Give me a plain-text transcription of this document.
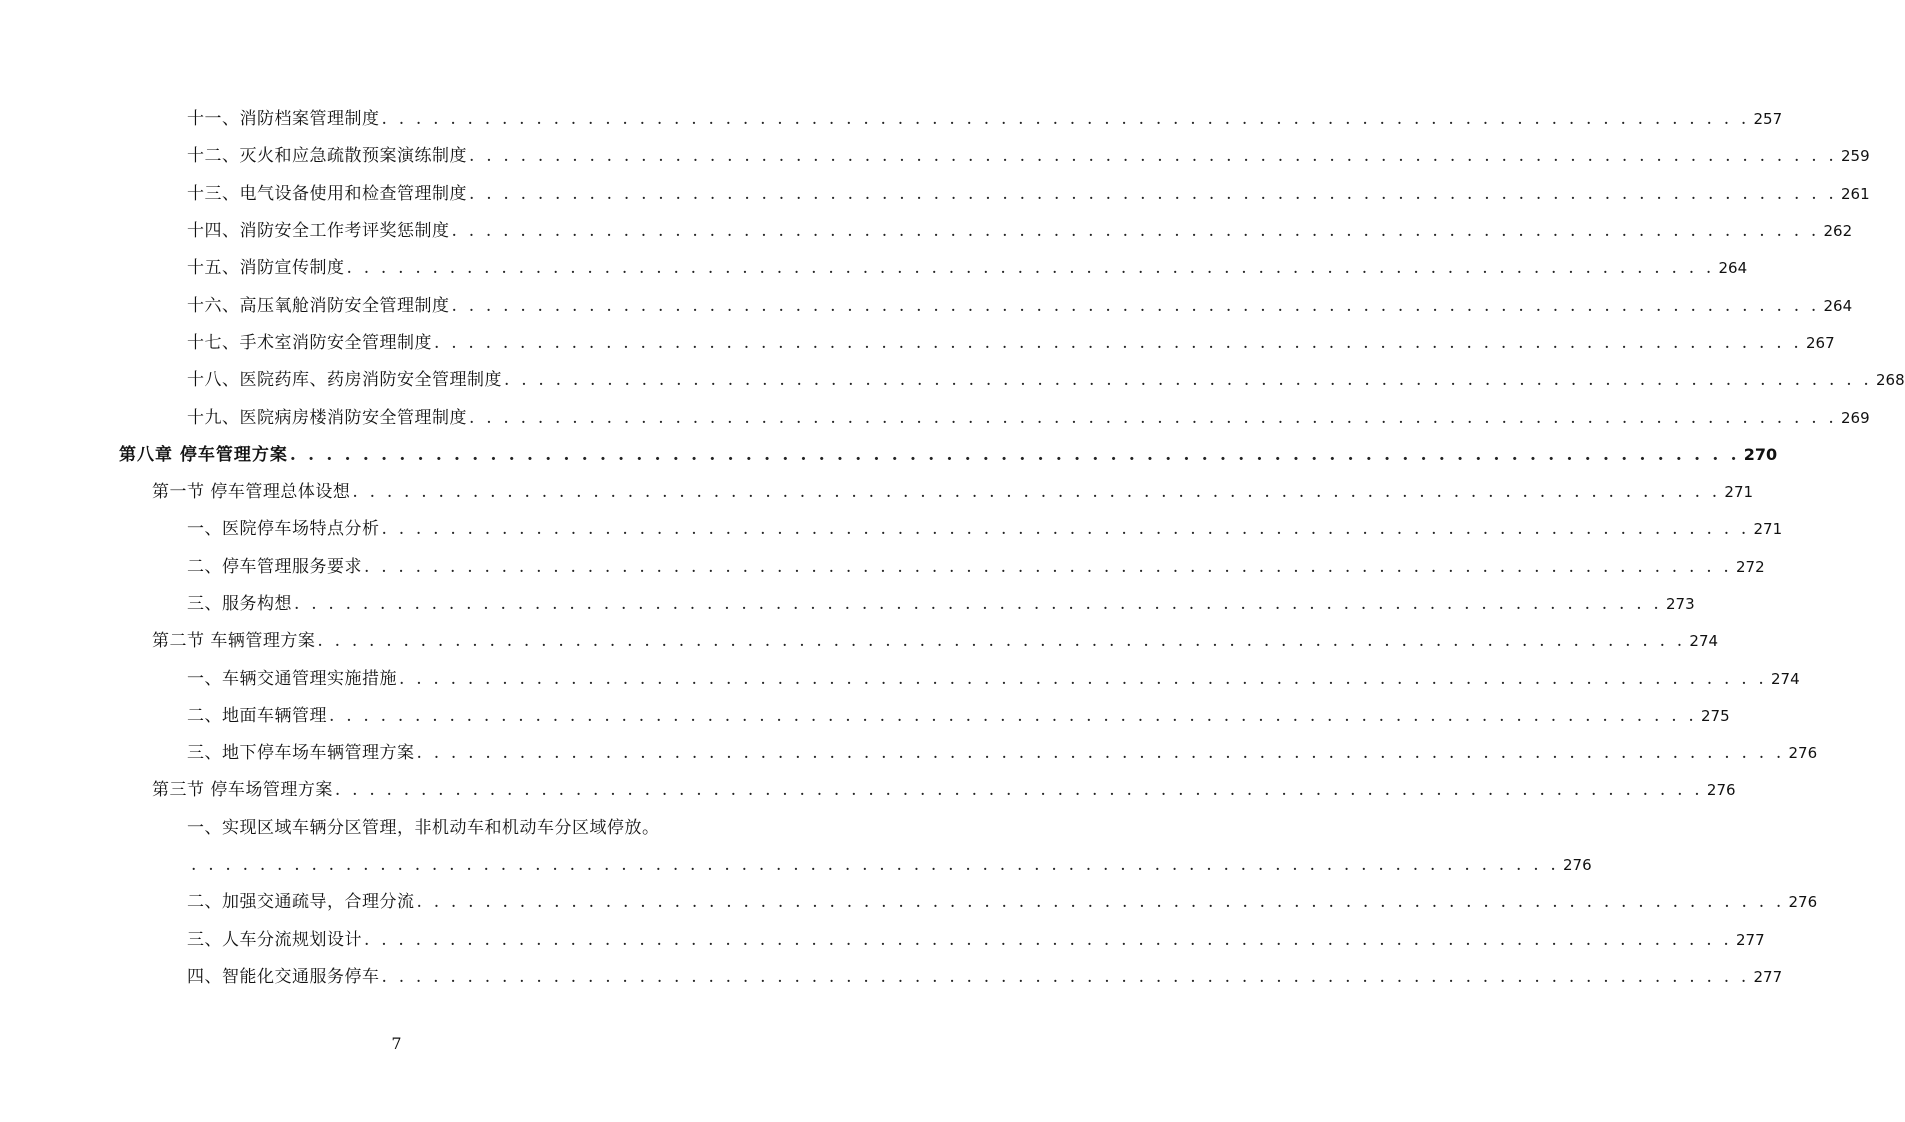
十一、消防档案管理制度 . . . . . . . . . . . . . . . . . . . . . . . . . . . . . . . . . . . . . . . . . . . . . . . . . . . . . . . . . . . . . . . . . . . . . . . . . . . . . . . . 257
十二、灭火和应急疏散预案演练制度 . . . . . . . . . . . . . . . . . . . . . . . . . . . . . . . . . . . . . . . . . . . . . . . . . . . . . . . . . . . . . . . . . . . . . . . . . . . . . . . . 259
十三、电气设备使用和检查管理制度 . . . . . . . . . . . . . . . . . . . . . . . . . . . . . . . . . . . . . . . . . . . . . . . . . . . . . . . . . . . . . . . . . . . . . . . . . . . . . . . . 261
十四、消防安全工作考评奖惩制度 . . . . . . . . . . . . . . . . . . . . . . . . . . . . . . . . . . . . . . . . . . . . . . . . . . . . . . . . . . . . . . . . . . . . . . . . . . . . . . . . 262
十五、消防宣传制度 . . . . . . . . . . . . . . . . . . . . . . . . . . . . . . . . . . . . . . . . . . . . . . . . . . . . . . . . . . . . . . . . . . . . . . . . . . . . . . . . 264
十六、高压氧舱消防安全管理制度 . . . . . . . . . . . . . . . . . . . . . . . . . . . . . . . . . . . . . . . . . . . . . . . . . . . . . . . . . . . . . . . . . . . . . . . . . . . . . . . . 264
十七、手术室消防安全管理制度 . . . . . . . . . . . . . . . . . . . . . . . . . . . . . . . . . . . . . . . . . . . . . . . . . . . . . . . . . . . . . . . . . . . . . . . . . . . . . . . . 267
十八、医院药库、药房消防安全管理制度 . . . . . . . . . . . . . . . . . . . . . . . . . . . . . . . . . . . . . . . . . . . . . . . . . . . . . . . . . . . . . . . . . . . . . . . . . . . . . . . . 268
十九、医院病房楼消防安全管理制度 . . . . . . . . . . . . . . . . . . . . . . . . . . . . . . . . . . . . . . . . . . . . . . . . . . . . . . . . . . . . . . . . . . . . . . . . . . . . . . . . 269
第八章 停车管理方案 . . . . . . . . . . . . . . . . . . . . . . . . . . . . . . . . . . . . . . . . . . . . . . . . . . . . . . . . . . . . . . . . . . . . . . . . . . . . . . . . 270
第一节 停车管理总体设想 . . . . . . . . . . . . . . . . . . . . . . . . . . . . . . . . . . . . . . . . . . . . . . . . . . . . . . . . . . . . . . . . . . . . . . . . . . . . . . . . 271
一、医院停车场特点分析 . . . . . . . . . . . . . . . . . . . . . . . . . . . . . . . . . . . . . . . . . . . . . . . . . . . . . . . . . . . . . . . . . . . . . . . . . . . . . . . . 271
二、停车管理服务要求 . . . . . . . . . . . . . . . . . . . . . . . . . . . . . . . . . . . . . . . . . . . . . . . . . . . . . . . . . . . . . . . . . . . . . . . . . . . . . . . . 272
三、服务构想 . . . . . . . . . . . . . . . . . . . . . . . . . . . . . . . . . . . . . . . . . . . . . . . . . . . . . . . . . . . . . . . . . . . . . . . . . . . . . . . . 273
第二节 车辆管理方案 . . . . . . . . . . . . . . . . . . . . . . . . . . . . . . . . . . . . . . . . . . . . . . . . . . . . . . . . . . . . . . . . . . . . . . . . . . . . . . . . 274
一、车辆交通管理实施措施 . . . . . . . . . . . . . . . . . . . . . . . . . . . . . . . . . . . . . . . . . . . . . . . . . . . . . . . . . . . . . . . . . . . . . . . . . . . . . . . . 274
二、地面车辆管理 . . . . . . . . . . . . . . . . . . . . . . . . . . . . . . . . . . . . . . . . . . . . . . . . . . . . . . . . . . . . . . . . . . . . . . . . . . . . . . . . 275
三、地下停车场车辆管理方案 . . . . . . . . . . . . . . . . . . . . . . . . . . . . . . . . . . . . . . . . . . . . . . . . . . . . . . . . . . . . . . . . . . . . . . . . . . . . . . . . 276
第三节 停车场管理方案 . . . . . . . . . . . . . . . . . . . . . . . . . . . . . . . . . . . . . . . . . . . . . . . . . . . . . . . . . . . . . . . . . . . . . . . . . . . . . . . . 276
一、实现区域车辆分区管理，非机动车和机动车分区域停放。
. . . . . . . . . . . . . . . . . . . . . . . . . . . . . . . . . . . . . . . . . . . . . . . . . . . . . . . . . . . . . . . . . . . . . . . . . . . . . . . . 276
二、加强交通疏导，合理分流 . . . . . . . . . . . . . . . . . . . . . . . . . . . . . . . . . . . . . . . . . . . . . . . . . . . . . . . . . . . . . . . . . . . . . . . . . . . . . . . . 276
三、人车分流规划设计 . . . . . . . . . . . . . . . . . . . . . . . . . . . . . . . . . . . . . . . . . . . . . . . . . . . . . . . . . . . . . . . . . . . . . . . . . . . . . . . . 277
四、智能化交通服务停车 . . . . . . . . . . . . . . . . . . . . . . . . . . . . . . . . . . . . . . . . . . . . . . . . . . . . . . . . . . . . . . . . . . . . . . . . . . . . . . . . 277
7
